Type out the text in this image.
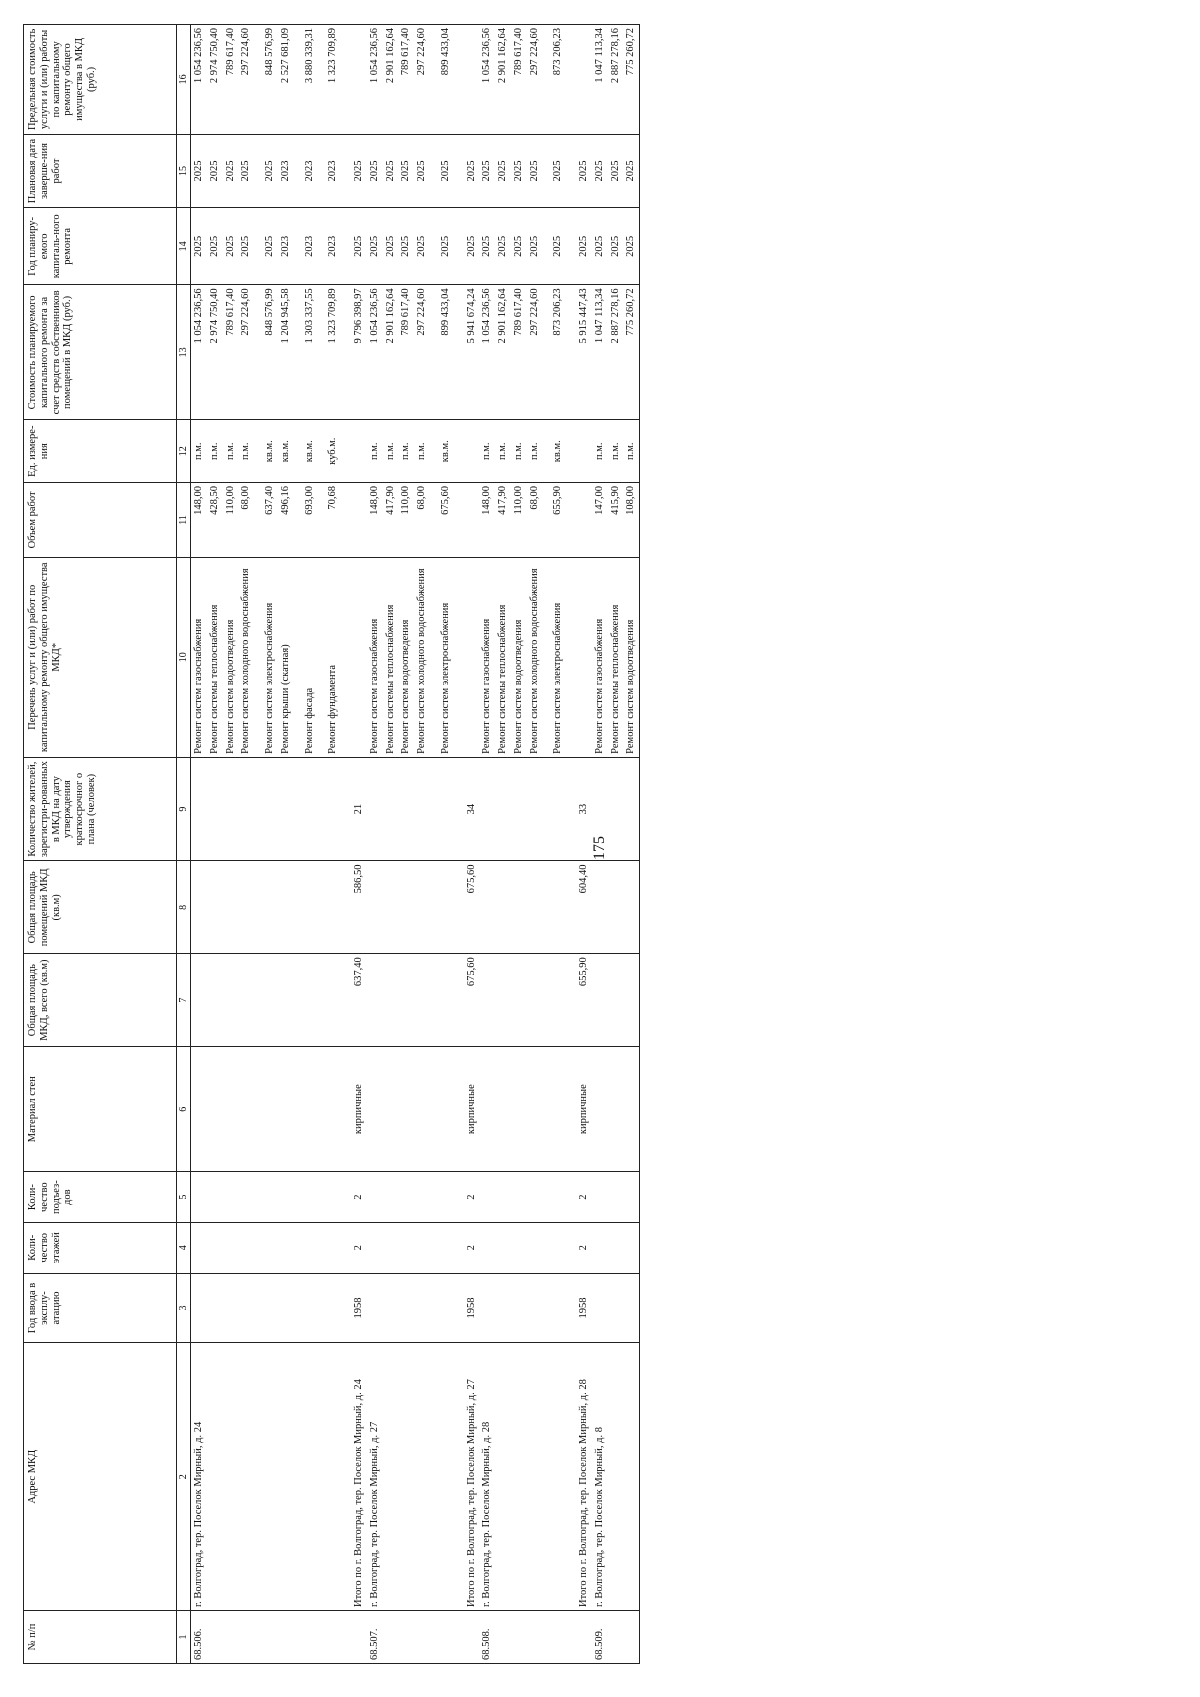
175
№ п/п	Адрес МКД	Год ввода в эксплу-атацию	Коли-чество этажей	Коли-чество подъез-дов	Материал стен	Общая площадь МКД, всего (кв.м)	Общая площадь помещений МКД (кв.м)	Количество жителей, зарегистри-рованных в МКД на дату утверждения краткосрочног о плана (человек)	Перечень услуг и (или) работ по капитальному ремонту общего имущества МКД*	Объем работ	Ед. измере-ния	Стоимость планируемого капитального ремонта за счет средств собственников помещений в МКД (руб.)	Год планиру-емого капиталь-ного ремонта	Плановая дата заверше-ния работ	Предельная стоимость услуги и (или) работы по капитальному ремонту общего имущества в МКД (руб.)
1	2	3	4	5	6	7	8	9	10	11	12	13	14	15	16
68.506.	г. Волгоград, тер. Поселок Мирный, д. 24								Ремонт систем газоснабжения	148,00	п.м.	1 054 236,56	2025	2025	1 054 236,56
									Ремонт системы теплоснабжения	428,50	п.м.	2 974 750,40	2025	2025	2 974 750,40
									Ремонт систем водоотведения	110,00	п.м.	789 617,40	2025	2025	789 617,40
									Ремонт систем холодного водоснабжения	68,00	п.м.	297 224,60	2025	2025	297 224,60

									Ремонт систем электроснабжения	637,40	кв.м.	848 576,99	2025	2025	848 576,99
									Ремонт крыши (скатная)	496,16	кв.м.	1 204 945,58	2023	2023	2 527 681,09

									Ремонт фасада	693,00	кв.м.	1 303 337,55	2023	2023	3 880 339,31

									Ремонт фундамента	70,68	куб.м.	1 323 709,89	2023	2023	1 323 709,89
	Итого по г. Волгоград, тер. Поселок Мирный, д. 24	1958	2	2	кирпичные	637,40	586,50	21				9 796 398,97	2025	2025	
68.507.	г. Волгоград, тер. Поселок Мирный, д. 27								Ремонт систем газоснабжения	148,00	п.м.	1 054 236,56	2025	2025	1 054 236,56
									Ремонт системы теплоснабжения	417,90	п.м.	2 901 162,64	2025	2025	2 901 162,64
									Ремонт систем водоотведения	110,00	п.м.	789 617,40	2025	2025	789 617,40
									Ремонт систем холодного водоснабжения	68,00	п.м.	297 224,60	2025	2025	297 224,60

									Ремонт систем электроснабжения	675,60	кв.м.	899 433,04	2025	2025	899 433,04
	Итого по г. Волгоград, тер. Поселок Мирный, д. 27	1958	2	2	кирпичные	675,60	675,60	34				5 941 674,24	2025	2025	
68.508.	г. Волгоград, тер. Поселок Мирный, д. 28								Ремонт систем газоснабжения	148,00	п.м.	1 054 236,56	2025	2025	1 054 236,56
									Ремонт системы теплоснабжения	417,90	п.м.	2 901 162,64	2025	2025	2 901 162,64
									Ремонт систем водоотведения	110,00	п.м.	789 617,40	2025	2025	789 617,40
									Ремонт систем холодного водоснабжения	68,00	п.м.	297 224,60	2025	2025	297 224,60

									Ремонт систем электроснабжения	655,90	кв.м.	873 206,23	2025	2025	873 206,23
	Итого по г. Волгоград, тер. Поселок Мирный, д. 28	1958	2	2	кирпичные	655,90	604,40	33				5 915 447,43	2025	2025	
68.509.	г. Волгоград, тер. Поселок Мирный, д. 8								Ремонт систем газоснабжения	147,00	п.м.	1 047 113,34	2025	2025	1 047 113,34
									Ремонт системы теплоснабжения	415,90	п.м.	2 887 278,16	2025	2025	2 887 278,16
									Ремонт систем водоотведения	108,00	п.м.	775 260,72	2025	2025	775 260,72
